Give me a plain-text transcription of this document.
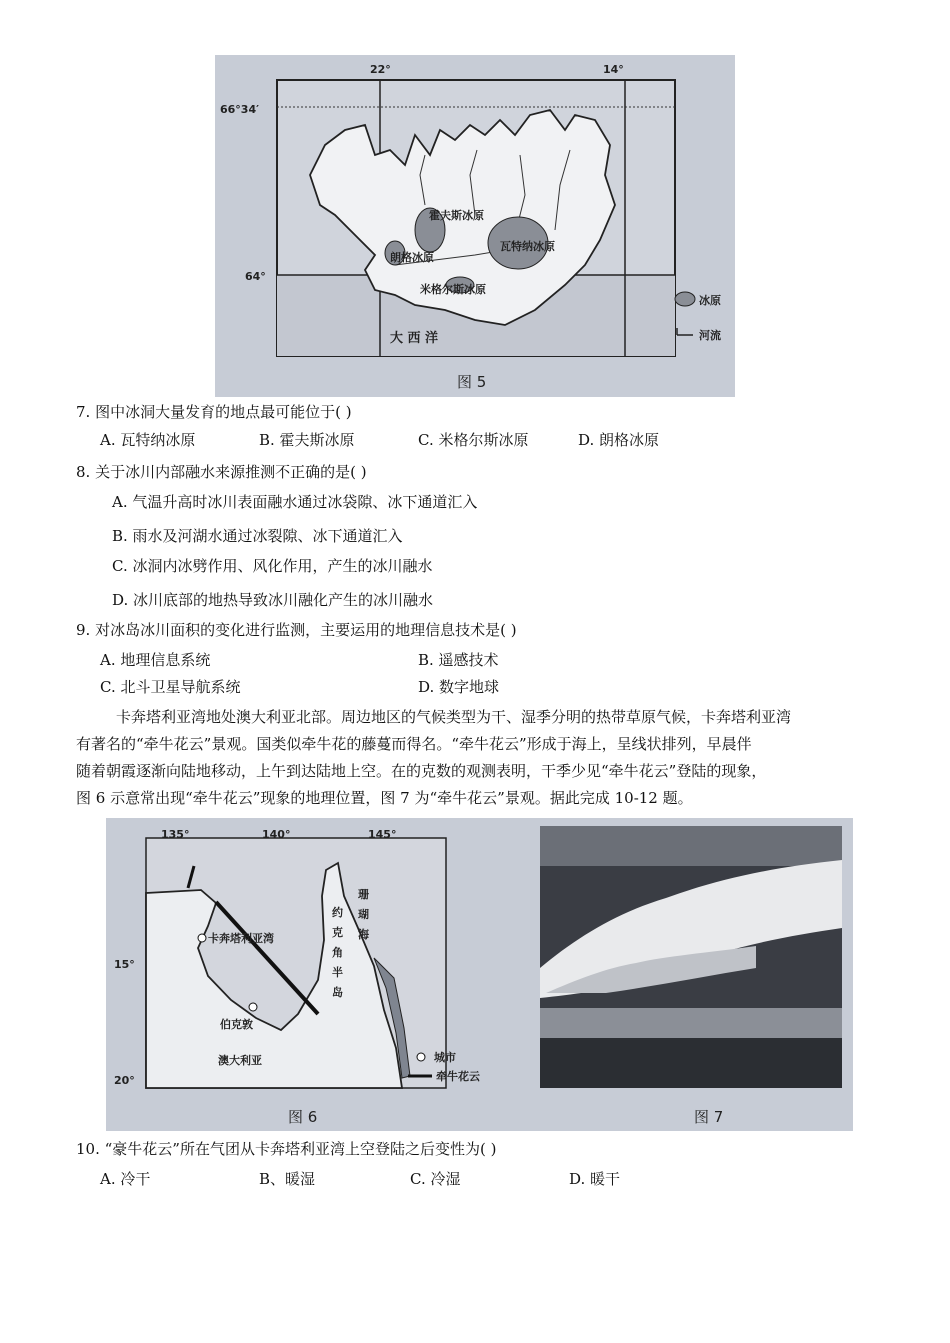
霍夫斯冰原
瓦特纳冰原
朗格冰原
米格尔斯冰原
大 西 洋
66°34′
64°
22°	14°
冰原
河流
图 5
7. 图中冰洞大量发育的地点最可能位于( )
A. 瓦特纳冰原	B. 霍夫斯冰原	C. 米格尔斯冰原	D. 朗格冰原
8. 关于冰川内部融水来源推测不正确的是( )
A. 气温升高时冰川表面融水通过冰袋隙、冰下通道汇入
B. 雨水及河湖水通过冰裂隙、冰下通道汇入
C. 冰洞内冰劈作用、风化作用，产生的冰川融水
D. 冰川底部的地热导致冰川融化产生的冰川融水
9. 对冰岛冰川面积的变化进行监测，主要运用的地理信息技术是( )
A. 地理信息系统	B. 遥感技术
C. 北斗卫星导航系统	D. 数字地球
卡奔塔利亚湾地处澳大利亚北部。周边地区的气候类型为干、湿季分明的热带草原气候，卡奔塔利亚湾
有著名的“牵牛花云”景观。国类似牵牛花的藤蔓而得名。“牵牛花云”形成于海上，呈线状排列，早晨伴
随着朝霞逐渐向陆地移动，上午到达陆地上空。在的克数的观测表明，干季少见“牵牛花云”登陆的现象，
图 6 示意常出现“牵牛花云”现象的地理位置，图 7 为“牵牛花云”景观。据此完成 10-12 题。
卡奔塔利亚湾
伯克敦
澳大利亚
135°	140°	145°
15°
20°
约
克
角
半
岛
珊
瑚
海
城市
牵牛花云
图 6	图 7
10. “豪牛花云”所在气团从卡奔塔利亚湾上空登陆之后变性为( )
A. 冷干	B、暖湿	C. 冷湿	D. 暖干
